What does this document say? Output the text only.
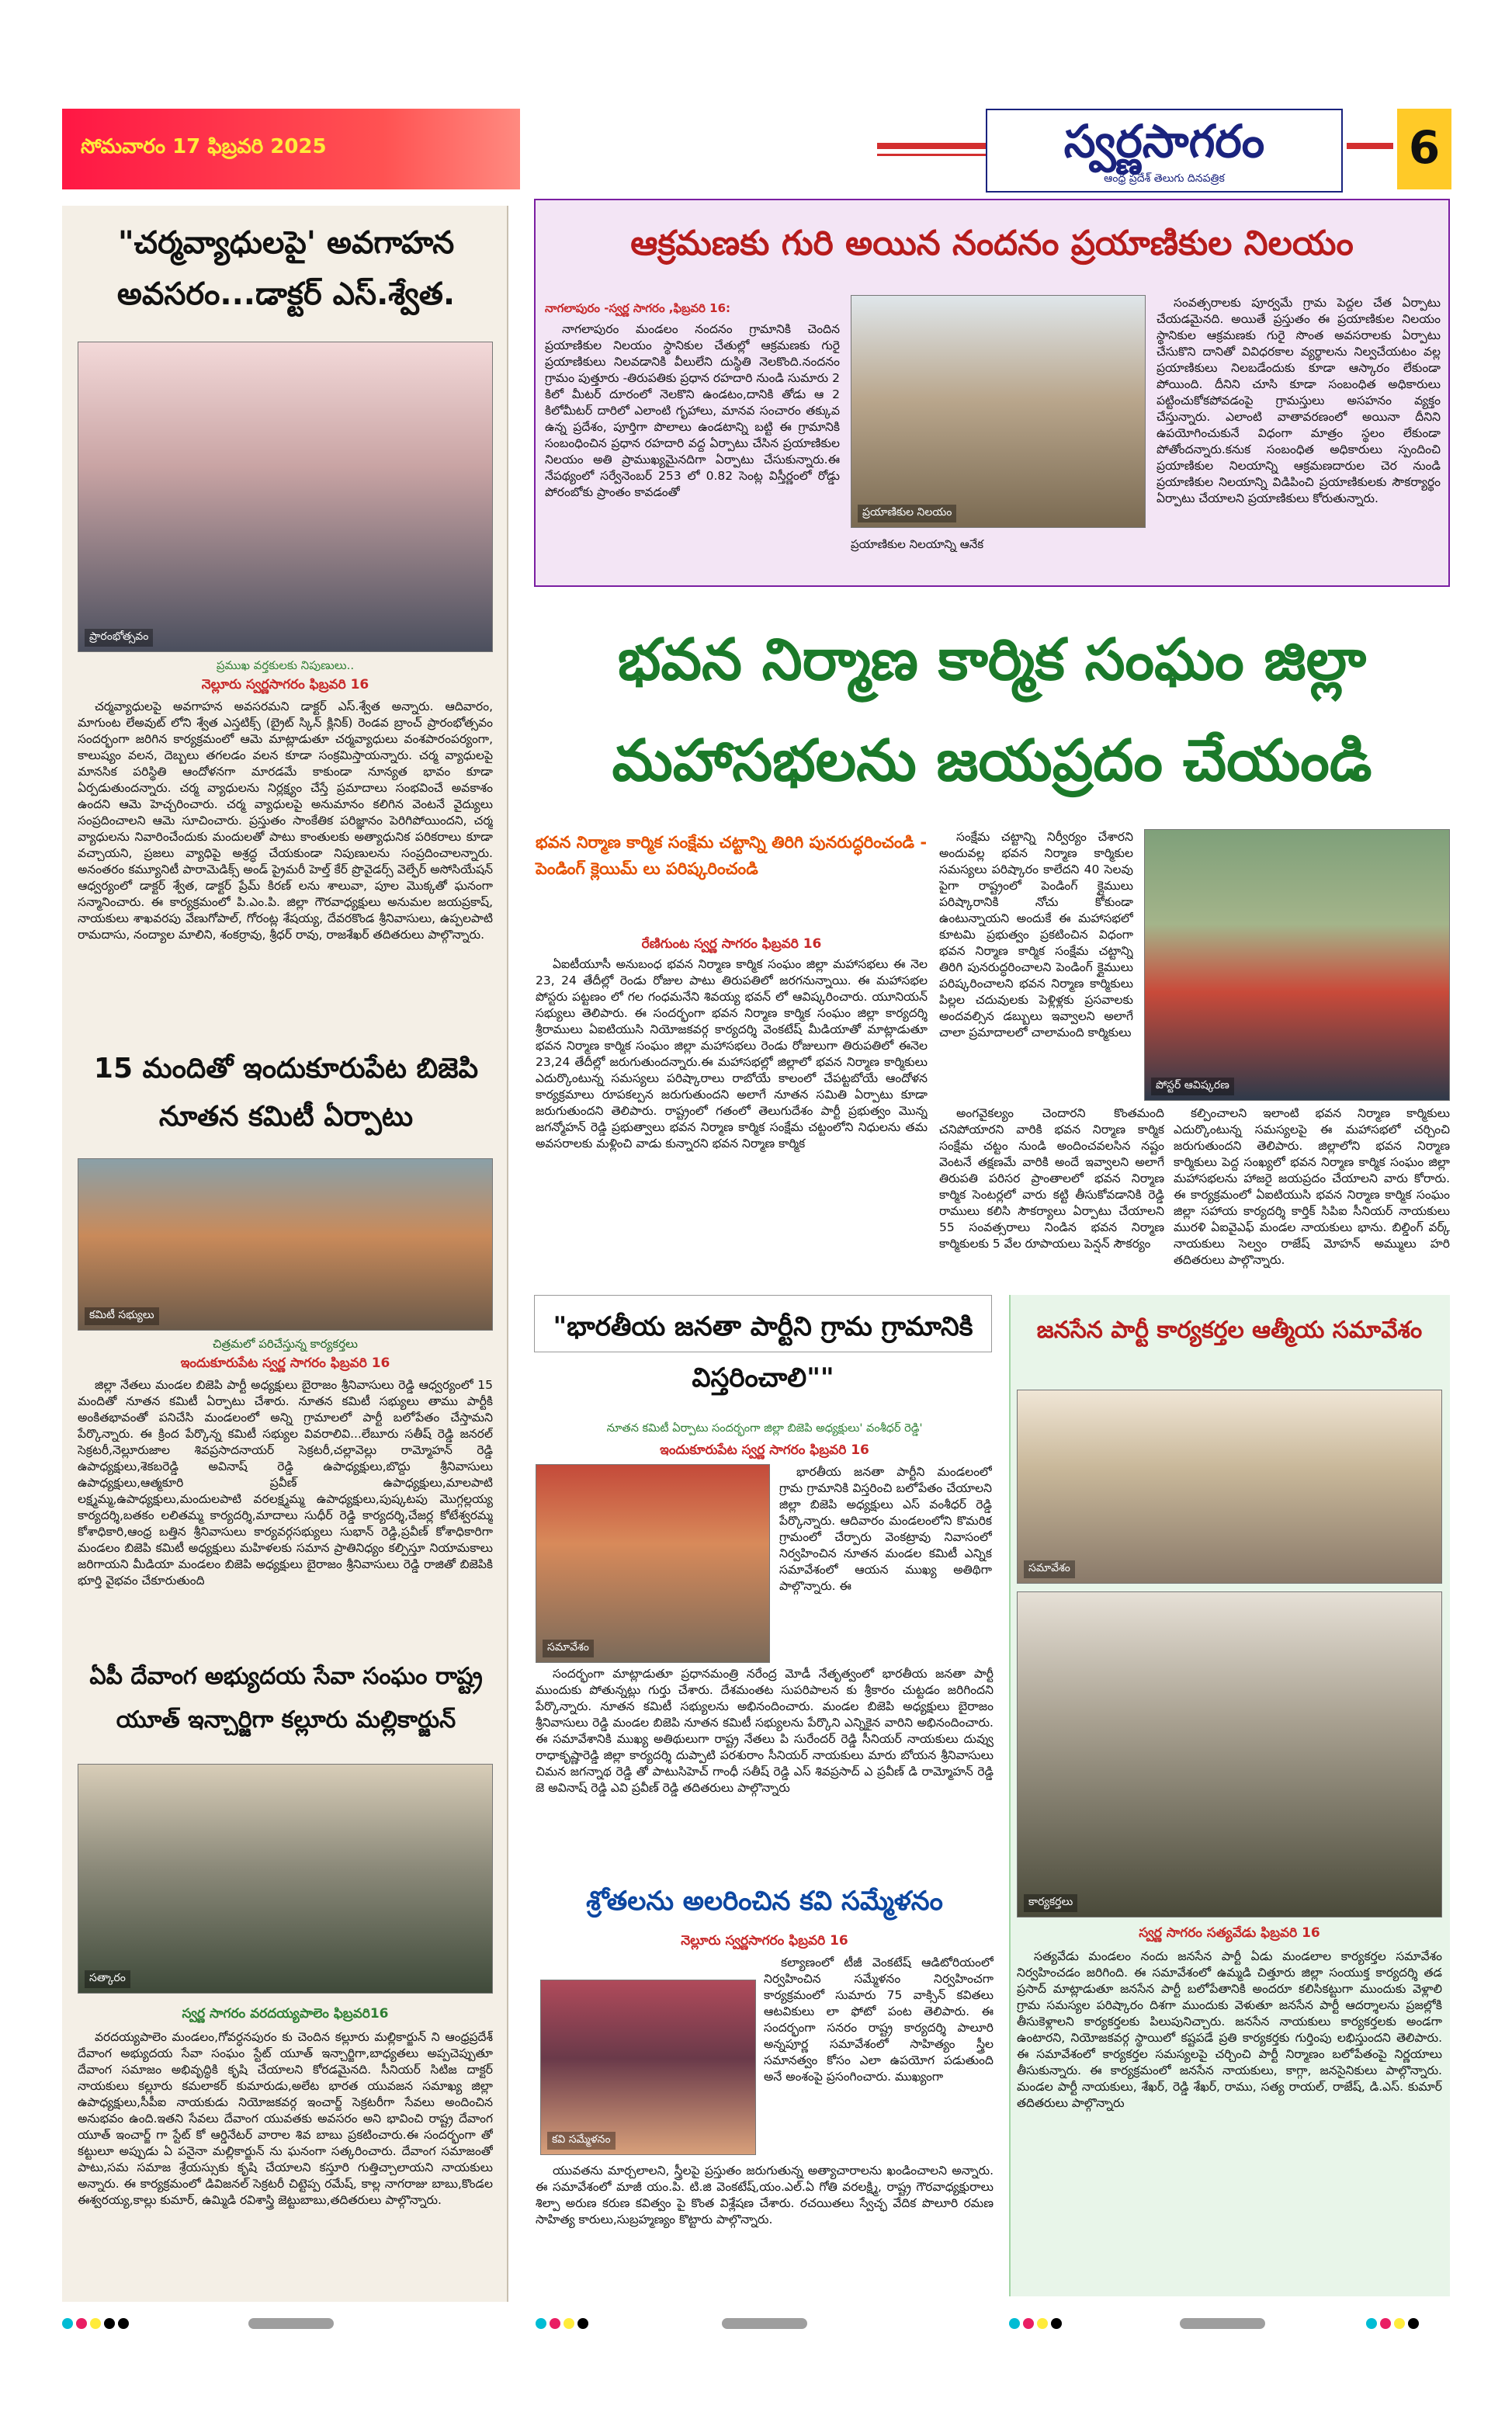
సోమవారం 17 ఫిబ్రవరి 2025	స్వర్ణసాగరం
ఆంధ్ర ప్రదేశ్ తెలుగు దినపత్రిక
6
"చర్మవ్యాధులపై' అవగాహన అవసరం...డాక్టర్ ఎస్.శ్వేత.
ప్రారంభోత్సవం
ప్రముఖ వర్తకులకు నిపుణులు..
నెల్లూరు స్వర్ణసాగరం ఫిబ్రవరి 16

చర్మవ్యాధులపై అవగాహన అవసరమని డాక్టర్ ఎస్.శ్వేత అన్నారు. ఆదివారం, మాగుంట లేఅవుట్ లోని శ్వేత ఎస్తటిక్స్ (బ్రైట్ స్కిన్ క్లినిక్) రెండవ బ్రాంచ్ ప్రారంభోత్సవం సందర్భంగా జరిగిన కార్యక్రమంలో ఆమె మాట్లాడుతూ చర్మవ్యాధులు వంశపారంపర్యంగా, కాలుష్యం వలన, దెబ్బలు తగలడం వలన కూడా సంక్రమిస్తాయన్నారు. చర్మ వ్యాధులపై మానసిక పరిస్థితి ఆందోళనగా మారడమే కాకుండా నూన్యత భావం కూడా ఏర్పడుతుందన్నారు. చర్మ వ్యాధులను నిర్లక్ష్యం చేస్తే ప్రమాదాలు సంభవించే అవకాశం ఉందని ఆమె హెచ్చరించారు. చర్మ వ్యాధులపై అనుమానం కలిగిన వెంటనే వైద్యులు సంప్రదించాలని ఆమె సూచించారు. ప్రస్తుతం సాంకేతిక పరిజ్ఞానం పెరిగిపోయిందని, చర్మ వ్యాధులను నివారించేందుకు మందులతో పాటు కాంతులకు అత్యాధునిక పరికరాలు కూడా వచ్చాయని, ప్రజలు వ్యాధిపై అశ్రద్ధ చేయకుండా నిపుణులను సంప్రదించాలన్నారు. అనంతరం కమ్యూనిటీ పారామెడిక్స్ అండ్ ప్రైమరీ హెల్త్ కేర్ ప్రొవైడర్స్ వెల్ఫేర్ అసోసియేషన్ ఆధ్వర్యంలో డాక్టర్ శ్వేత, డాక్టర్ ప్రేమ్ కిరణ్ లను శాలువా, పూల మొక్కతో ఘనంగా సన్మానించారు. ఈ కార్యక్రమంలో పి.ఎం.పి. జిల్లా గౌరవాధ్యక్షులు అనుమల జయప్రకాష్, నాయకులు శాఖవరపు వేణుగోపాల్, గోరంట్ల శేషయ్య, దేవరకొండ శ్రీనివాసులు, ఉప్పలపాటి రామదాసు, నంద్యాల మాలిని, శంకర్రావు, శ్రీధర్ రావు, రాజశేఖర్ తదితరులు పాల్గొన్నారు.

15 మందితో ఇందుకూరుపేట బిజెపి నూతన కమిటీ ఏర్పాటు
కమిటీ సభ్యులు
చిత్రమలో పరిచేస్తున్న కార్యకర్తలు
ఇందుకూరుపేట స్వర్ణ సాగరం ఫిబ్రవరి 16

జిల్లా నేతలు మండల బిజెపి పార్టీ అధ్యక్షులు బైరాజం శ్రీనివాసులు రెడ్డి ఆధ్వర్యంలో 15 మందితో నూతన కమిటీ ఏర్పాటు చేశారు. నూతన కమిటీ సభ్యులు తాము పార్టీకి అంకితభావంతో పనిచేసి మండలంలో అన్ని గ్రామాలలో పార్టీ బలోపేతం చేస్తామని పేర్కొన్నారు. ఈ క్రింద పేర్కొన్న కమిటీ సభ్యుల వివరాలివి...లేబూరు సతీష్ రెడ్డి జనరల్ సెక్రటరీ,నెల్లూరుజాల శివప్రసాదనాయర్ సెక్రటరీ,చల్లావెల్లు రామ్మోహన్ రెడ్డి ఉపాధ్యక్షులు,శెకబరెడ్డి అవినాష్ రెడ్డి ఉపాధ్యక్షులు,బొద్దు శ్రీనివాసులు ఉపాధ్యక్షులు,ఆత్మకూరి ప్రవీణ్ ఉపాధ్యక్షులు,మాలపాటి లక్ష్మమ్మ,ఉపాధ్యక్షులు,మందులపాటి వరలక్ష్మమ్మ ఉపాధ్యక్షులు,పుష్కటపు మొగ్గల్లయ్య కార్యదర్శి,బతకం లలితమ్మ కార్యదర్శి,మాదాలు సుధీర్ రెడ్డి కార్యదర్శి,చేజర్ల కోటేశ్వరమ్మ కోశాధికారి,ఆంధ్ర బత్తిన శ్రీనివాసులు కార్యవర్గసభ్యులు సుభాన్ రెడ్డి,ప్రవీణ్ కోశాధికారిగా మండలం బిజెపి కమిటీ అధ్యక్షులు మహిళలకు సమాన ప్రాతినిధ్యం కల్పిస్తూ నియామకాలు జరిగాయని మీడియా మండలం బిజెపి అధ్యక్షులు బైరాజం శ్రీనివాసులు రెడ్డి రాజితో బిజెపికి భూర్తి వైభవం చేకూరుతుంది

ఏపీ దేవాంగ అభ్యుదయ సేవా సంఘం రాష్ట్ర యూత్ ఇన్చార్జిగా కల్లూరు మల్లికార్జున్
సత్కారం
స్వర్ణ సాగరం వరదయ్యపాలెం ఫిబ్రవరి16

వరదయ్యపాలెం మండలం,గోవర్ధనపురం కు చెందిన కల్లూరు మల్లికార్జున్ ని ఆంధ్రప్రదేశ్ దేవాంగ అభ్యుదయ సేవా సంఘం స్టేట్ యూత్ ఇన్చార్జిగా,బాధ్యతలు అప్పచెప్పుతూ దేవాంగ సమాజం అభివృద్ధికి కృషి చేయాలని కోరడమైనది. సీనియర్ సిటిజ దాక్టర్ నాయకులు కల్లూరు కమలాకర్ కుమారుడు,అలేట భారత యువజన సమాఖ్య జిల్లా ఉపాధ్యక్షులు,సీపీఐ నాయకుడు నియోజకవర్గ ఇంచార్జ్ సెక్రటరీగా సేవలు అందించిన అనుభవం ఉంది.ఇతని సేవలు దేవాంగ యువతకు అవసరం అని భావించి రాష్ట్ర దేవాంగ యూత్ ఇంచార్జ్ గా స్టేట్ కో ఆర్డినేటర్ వారాల శివ బాబు ప్రకటించారు.ఈ సందర్భంగా తో కట్టులూ అప్పుడు ఏ పనైనా మల్లికార్జున్ ను ఘనంగా సత్కరించారు. దేవాంగ సమాజంతో పాటు,సమ సమాజ శ్రేయస్సుకు కృషి చేయాలని కస్తూరి గుత్తిచ్చాలాయని నాయకులు అన్నారు. ఈ కార్యక్రమంలో డివిజనల్ సెక్రటరీ చిట్టెప్ప రమేష్, కాల్ల నాగరాజు బాబు,కొండల ఈశ్వరయ్య,కాల్లు కుమార్, ఉమ్మిడి రవిశాస్త్రి జెట్టుబాబు,తదితరులు పాల్గొన్నారు.

ఆక్రమణకు గురి అయిన నందనం ప్రయాణికుల నిలయం
నాగలాపురం -స్వర్ణ సాగరం ,ఫిబ్రవరి 16:

నాగలాపురం మండలం నందనం గ్రామానికి చెందిన ప్రయాణికుల నిలయం స్థానికుల చేతుల్లో ఆక్రమణకు గురై ప్రయాణికులు నిలవడానికి వీలులేని దుస్థితి నెలకొంది.నందనం గ్రామం పుత్తూరు -తిరుపతికు ప్రధాన రహదారి నుండి సుమారు 2 కిలో మీటర్ దూరంలో నెలకొని ఉండటం,దానికి తోడు ఆ 2 కిలోమీటర్ దారిలో ఎలాంటి గృహాలు, మానవ సంచారం తక్కువ ఉన్న ప్రదేశం, పూర్తిగా పొలాలు ఉండటాన్ని బట్టి ఈ గ్రామానికి సంబంధించిన ప్రధాన రహదారి వద్ద ఏర్పాటు చేసిన ప్రయాణికుల నిలయం అతి ప్రాముఖ్యమైనదిగా ఏర్పాటు చేసుకున్నారు.ఈ నేపథ్యంలో సర్వేనెంబర్ 253 లో 0.82 సెంట్ల విస్తీర్ణంలో రోడ్డు పోరంబోకు ప్రాంతం కావడంతో

ప్రయాణికుల నిలయం
ప్రయాణికుల నిలయాన్ని ఆనేక

సంవత్సరాలకు పూర్వమే గ్రామ పెద్దల చేత ఏర్పాటు చేయడమైనది. అయితే ప్రస్తుతం ఈ ప్రయాణికుల నిలయం స్థానికుల ఆక్రమణకు గురై సొంత అవసరాలకు ఏర్పాటు చేసుకొని దానితో వివిధరకాల వ్యర్థాలను నిల్వచేయటం వల్ల ప్రయాణికులు నిలబడేందుకు కూడా ఆస్కారం లేకుండా పోయింది. దీనిని చూసి కూడా సంబంధిత అధికారులు పట్టించుకోకపోవడంపై గ్రామస్తులు అసహనం వ్యక్తం చేస్తున్నారు. ఎలాంటి వాతావరణంలో అయినా దీనిని ఉపయోగించుకునే విధంగా మాత్రం స్థలం లేకుండా పోతోందన్నారు.కనుక సంబంధిత అధికారులు స్పందించి ప్రయాణికుల నిలయాన్ని ఆక్రమణదారుల చెర నుండి ప్రయాణికుల నిలయాన్ని విడిపించి ప్రయాణికులకు సౌకర్యార్థం ఏర్పాటు చేయాలని ప్రయాణికులు కోరుతున్నారు.

భవన నిర్మాణ కార్మిక సంఘం జిల్లా
మహాసభలను జయప్రదం చేయండి
భవన నిర్మాణ కార్మిక సంక్షేమ చట్టాన్ని తిరిగి పునరుద్ధరించండి - పెండింగ్ క్లెయిమ్ లు పరిష్కరించండి
రేణిగుంట స్వర్ణ సాగరం ఫిబ్రవరి 16

ఏఐటీయూసీ అనుబంధ భవన నిర్మాణ కార్మిక సంఘం జిల్లా మహాసభలు ఈ నెల 23, 24 తేదీల్లో రెండు రోజుల పాటు తిరుపతిలో జరగనున్నాయి. ఈ మహాసభల పోస్టరు పట్టణం లో గల గంధమనేని శివయ్య భవన్ లో ఆవిష్కరించారు. యూనియన్ సభ్యులు తెలిపారు. ఈ సందర్భంగా భవన నిర్మాణ కార్మిక సంఘం జిల్లా కార్యదర్శి శ్రీరాములు ఏఐటియుసి నియోజకవర్గ కార్యదర్శి వెంకటేష్ మీడియాతో మాట్లాడుతూ భవన నిర్మాణ కార్మిక సంఘం జిల్లా మహాసభలు రెండు రోజులుగా తిరుపతిలో ఈనెల 23,24 తేదీల్లో జరుగుతుందన్నారు.ఈ మహాసభల్లో జిల్లాలో భవన నిర్మాణ కార్మికులు ఎదుర్కొంటున్న సమస్యలు పరిష్కారాలు రాబోయే కాలంలో చేపట్టబోయే ఆందోళన కార్యక్రమాలు రూపకల్పన జరుగుతుందని అలాగే నూతన సమితి ఏర్పాటు కూడా జరుగుతుందని తెలిపారు. రాష్ట్రంలో గతంలో తెలుగుదేశం పార్టీ ప్రభుత్వం మొన్న జగన్మోహన్ రెడ్డి ప్రభుత్వాలు భవన నిర్మాణ కార్మిక సంక్షేమ చట్టంలోని నిధులను తమ అవసరాలకు మళ్లించి వాడు కున్నారని భవన నిర్మాణ కార్మిక

సంక్షేమ చట్టాన్ని నిర్వీర్యం చేశారని అందువల్ల భవన నిర్మాణ కార్మికుల సమస్యలు పరిష్కారం కాలేదని 40 సెలవు పైగా రాష్ట్రంలో పెండింగ్ క్లైములు పరిష్కారానికి నోచు కోకుండా ఉంటున్నాయని అందుకే ఈ మహాసభలో కూటమి ప్రభుత్వం ప్రకటించిన విధంగా భవన నిర్మాణ కార్మిక సంక్షేమ చట్టాన్ని తిరిగి పునరుద్ధరించాలని పెండింగ్ క్లైములు పరిష్కరించాలని భవన నిర్మాణ కార్మికులు పిల్లల చదువులకు పెళ్లిళ్లకు ప్రసవాలకు అందవల్సిన డబ్బులు ఇవ్వాలని అలాగే చాలా ప్రమాదాలలో చాలామంది కార్మికులు

పోస్టర్ ఆవిష్కరణ

అంగవైకల్యం చెందారని కొంతమంది చనిపోయారని వారికి భవన నిర్మాణ కార్మిక సంక్షేమ చట్టం నుండి అందించవలసిన నష్టం వెంటనే తక్షణమే వారికి అందే ఇవ్వాలని అలాగే తిరుపతి పరిసర ప్రాంతాలలో భవన నిర్మాణ కార్మిక సెంటర్లలో వారు కట్టి తీసుకోవడానికి రెడ్డి రాములు కలిసి సౌకర్యాలు ఏర్పాటు చేయాలని 55 సంవత్సరాలు నిండిన భవన నిర్మాణ కార్మికులకు 5 వేల రూపాయలు పెన్షన్ సౌకర్యం

కల్పించాలని ఇలాంటి భవన నిర్మాణ కార్మికులు ఎదుర్కొంటున్న సమస్యలపై ఈ మహాసభలో చర్చించి జరుగుతుందని తెలిపారు. జిల్లాలోని భవన నిర్మాణ కార్మికులు పెద్ద సంఖ్యలో భవన నిర్మాణ కార్మిక సంఘం జిల్లా మహాసభలను హాజరై జయప్రదం చేయాలని వారు కోరారు. ఈ కార్యక్రమంలో ఏఐటియుసి భవన నిర్మాణ కార్మిక సంఘం జిల్లా సహాయ కార్యదర్శి కార్తిక్ సిపిఐ సీనియర్ నాయకులు మురళి ఏఐవైఎఫ్ మండల నాయకులు భాను. బిల్డింగ్ వర్క్ నాయకులు సెల్వం రాజేష్ మోహన్ అమ్ములు హరి తదితరులు పాల్గొన్నారు.

"భారతీయ జనతా పార్టీని గ్రామ గ్రామానికి విస్తరించాలి""
నూతన కమిటీ ఏర్పాటు సందర్భంగా జిల్లా బిజెపి అధ్యక్షులు' వంశీధర్ రెడ్డి'
ఇందుకూరుపేట స్వర్ణ సాగరం ఫిబ్రవరి 16
సమావేశం

భారతీయ జనతా పార్టీని మండలంలో గ్రామ గ్రామానికి విస్తరించి బలోపేతం చేయాలని జిల్లా బిజెపి అధ్యక్షులు ఎస్ వంశీధర్ రెడ్డి పేర్కొన్నారు. ఆదివారం మండలంలోని కొమరిక గ్రామంలో చేర్పారు వెంకట్రావు నివాసంలో నిర్వహించిన నూతన మండల కమిటీ ఎన్నిక సమావేశంలో ఆయన ముఖ్య అతిథిగా పాల్గొన్నారు. ఈ

సందర్భంగా మాట్లాడుతూ ప్రధానమంత్రి నరేంద్ర మోడీ నేతృత్వంలో భారతీయ జనతా పార్టీ ముందుకు పోతున్నట్లు గుర్తు చేశారు. దేశమంతట సుపరిపాలన కు శ్రీకారం చుట్టడం జరిగిందని పేర్కొన్నారు. నూతన కమిటీ సభ్యులను అభినందించారు. మండల బిజెపి అధ్యక్షులు బైరాజం శ్రీనివాసులు రెడ్డి మండల బిజెపి నూతన కమిటీ సభ్యులను పేర్కొని ఎన్నికైన వారిని అభినందించారు. ఈ సమావేశానికి ముఖ్య అతిథులుగా రాష్ట్ర నేతలు పి సురేందర్ రెడ్డి సీనియర్ నాయకులు దువ్వు రాధాకృష్ణారెడ్డి జిల్లా కార్యదర్శి దుప్పాటి పరశురాం సీనియర్ నాయకులు మారు బోయన శ్రీనివాసులు చిమన జగన్నాథ రెడ్డి తో పాటుసిహెచ్ గాంధీ సతీష్ రెడ్డి ఎస్ శివప్రసాద్ ఎ ప్రవీణ్ డి రామ్మోహన్ రెడ్డి జె అవినాష్ రెడ్డి ఎవి ప్రవీణ్ రెడ్డి తదితరులు పాల్గొన్నారు

శ్రోతలను అలరించిన కవి సమ్మేళనం
నెల్లూరు స్వర్ణసాగరం ఫిబ్రవరి 16
కవి సమ్మేళనం

కల్యాణంలో టీజీ వెంకటేష్ ఆడిటోరియంలో నిర్వహించిన సమ్మేళనం నిర్వహించగా కార్యక్రమంలో సుమారు 75 వాక్సిన్ కవితలు ఆటవికులు లా ఫోటో పంట తెలిపారు. ఈ సందర్భంగా సనరం రాష్ట్ర కార్యదర్శి పాలూరి అన్నపూర్ణ సమావేశంలో సాహిత్యం స్త్రీల సమానత్వం కోసం ఎలా ఉపయోగ పడుతుంది అనే అంశంపై ప్రసంగించారు. ముఖ్యంగా

యువతను మార్చలాలని, స్త్రీలపై ప్రస్తుతం జరుగుతున్న అత్యాచారాలను ఖండించాలని అన్నారు. ఈ సమావేశంలో మాజీ యం.పి. టి.జి వెంకటేష్,యం.ఎల్.ఏ గోతి వరలక్ష్మి, రాష్ట్ర గౌరవాధ్యక్షురాలు శిల్పా అరుణ కరుణ కవిత్వం పై కొంత విశ్లేషణ చేశారు. రచయితలు స్వేచ్ఛ వేదిక పొలూరి రమణ సాహిత్య కారులు,సుబ్రహ్మణ్యం కొట్టారు పాల్గొన్నారు.

జనసేన పార్టీ కార్యకర్తల ఆత్మీయ సమావేశం
సమావేశం
కార్యకర్తలు
స్వర్ణ సాగరం సత్యవేడు ఫిబ్రవరి 16

సత్యవేడు మండలం నందు జనసేన పార్టీ ఏడు మండలాల కార్యకర్తల సమావేశం నిర్వహించడం జరిగింది. ఈ సమావేశంలో ఉమ్మడి చిత్తూరు జిల్లా సంయుక్త కార్యదర్శి తడ ప్రసాద్ మాట్లాడుతూ జనసేన పార్టీ బలోపేతానికి అందరూ కలిసికట్టుగా ముందుకు వెళ్లాలి గ్రామ సమస్యల పరిష్కారం దిశగా ముందుకు వెళుతూ జనసేన పార్టీ ఆదర్శాలను ప్రజల్లోకి తీసుకెళ్లాలని కార్యకర్తలకు పిలుపునిచ్చారు. జనసేన నాయకులు కార్యకర్తలకు అండగా ఉంటారని, నియోజకవర్గ స్థాయిలో కష్టపడే ప్రతి కార్యకర్తకు గుర్తింపు లభిస్తుందని తెలిపారు. ఈ సమావేశంలో కార్యకర్తల సమస్యలపై చర్చించి పార్టీ నిర్మాణం బలోపేతంపై నిర్ణయాలు తీసుకున్నారు. ఈ కార్యక్రమంలో జనసేన నాయకులు, కాగ్గా, జనసైనికులు పాల్గొన్నారు. మండల పార్టీ నాయకులు, శేఖర్, రెడ్డి శేఖర్, రాము, సత్య రాయల్, రాజేష్, డి.ఎస్. కుమార్ తదితరులు పాల్గొన్నారు
